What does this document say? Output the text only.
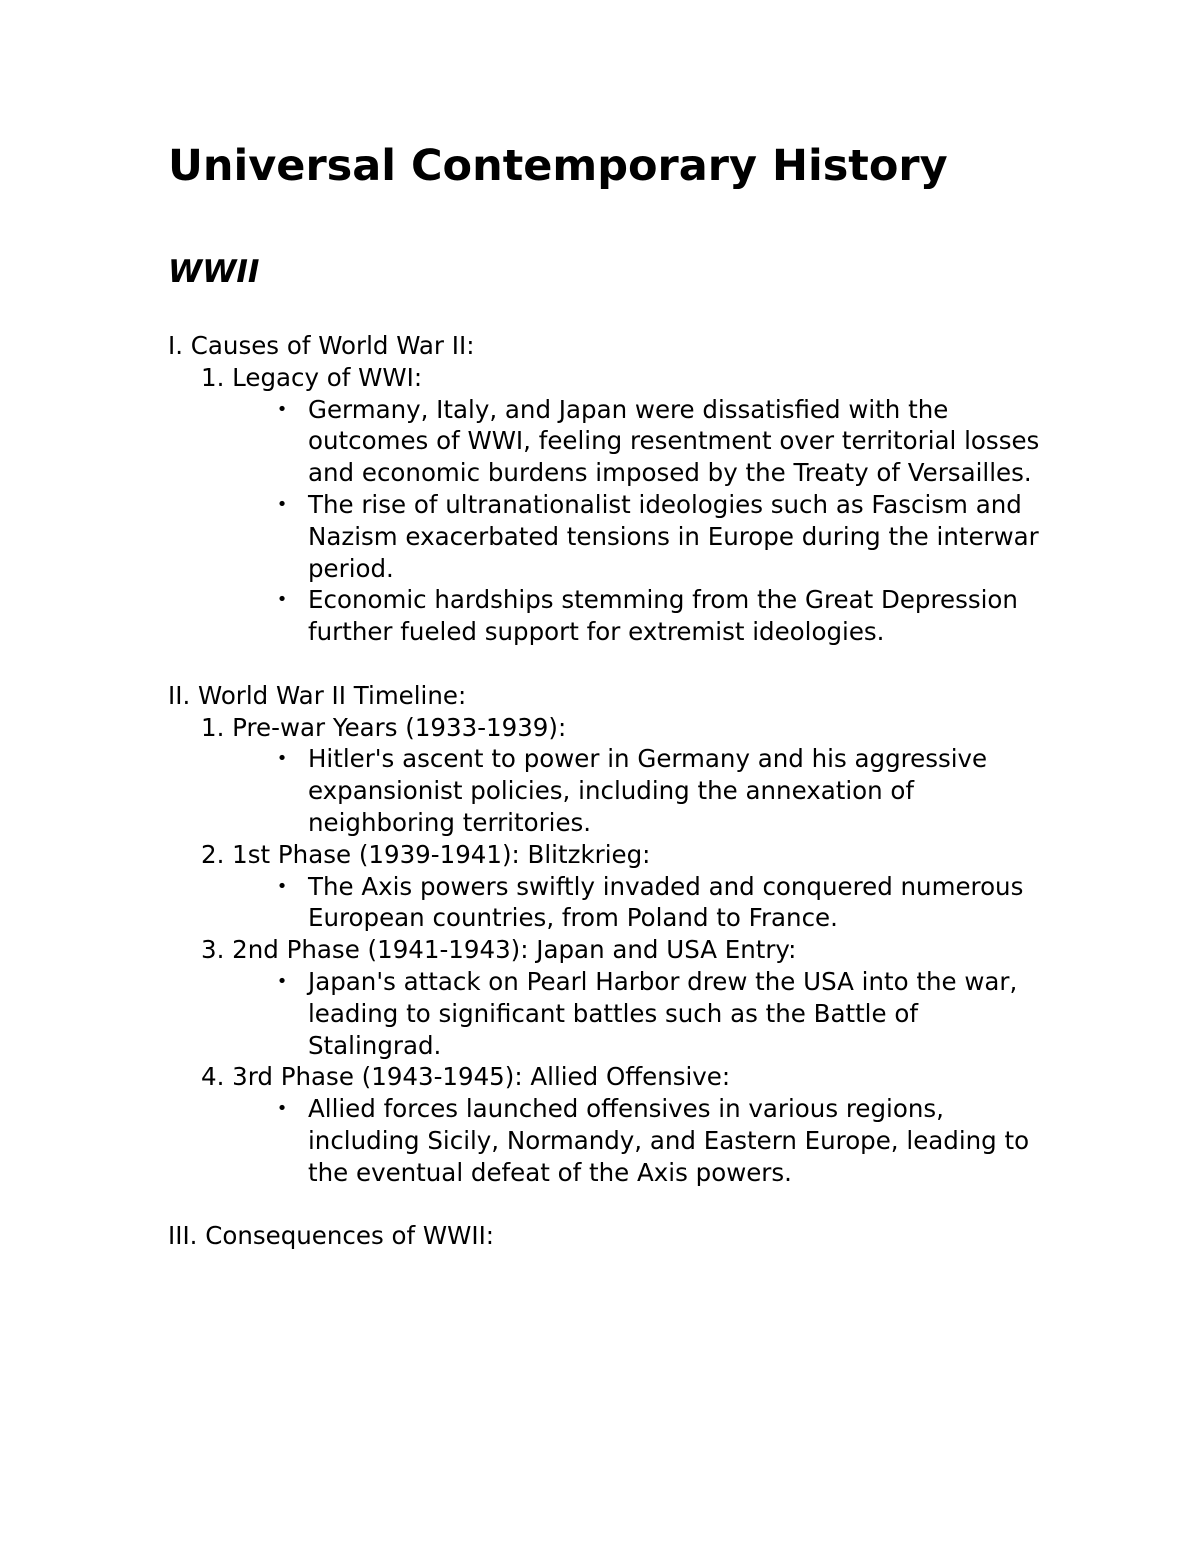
Universal Contemporary History
WWII

I. Causes of World War II:

1. Legacy of WWI:
• Germany, Italy, and Japan were dissatisfied with the outcomes of WWI, feeling resentment over territorial losses and economic burdens imposed by the Treaty of Versailles.
• The rise of ultranationalist ideologies such as Fascism and Nazism exacerbated tensions in Europe during the interwar period.
• Economic hardships stemming from the Great Depression further fueled support for extremist ideologies.

II. World War II Timeline:

1. Pre-war Years (1933-1939):
• Hitler's ascent to power in Germany and his aggressive expansionist policies, including the annexation of neighboring territories.
2. 1st Phase (1939-1941): Blitzkrieg:
• The Axis powers swiftly invaded and conquered numerous European countries, from Poland to France.
3. 2nd Phase (1941-1943): Japan and USA Entry:
• Japan's attack on Pearl Harbor drew the USA into the war, leading to significant battles such as the Battle of Stalingrad.
4. 3rd Phase (1943-1945): Allied Offensive:
• Allied forces launched offensives in various regions, including Sicily, Normandy, and Eastern Europe, leading to the eventual defeat of the Axis powers.

III. Consequences of WWII:
